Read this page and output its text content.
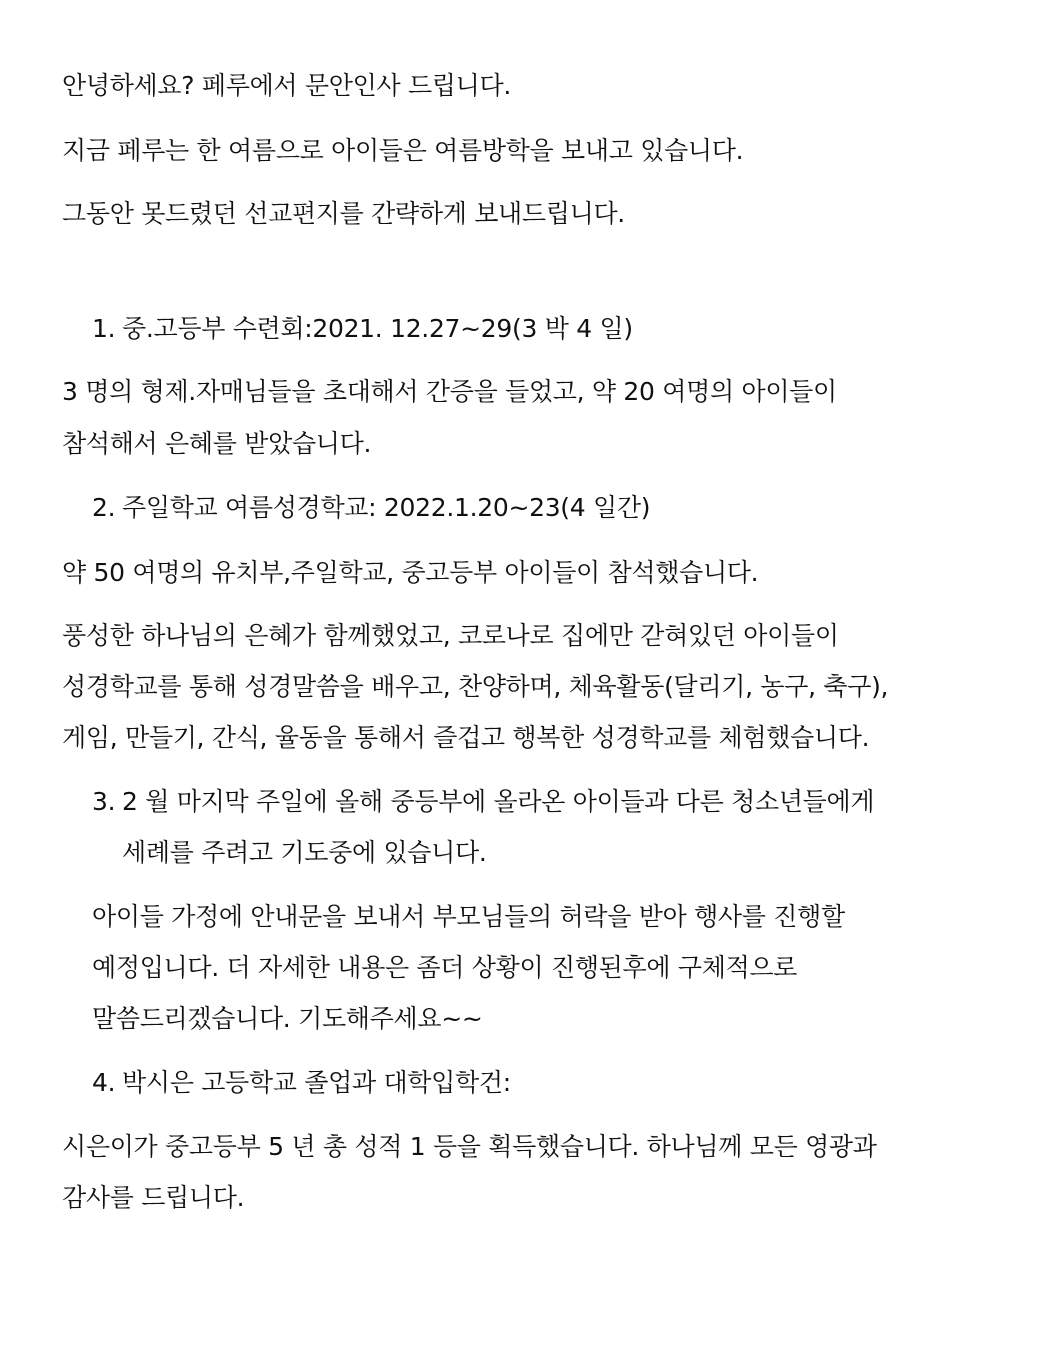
안녕하세요? 페루에서 문안인사 드립니다.
지금 페루는 한 여름으로 아이들은 여름방학을 보내고 있습니다.
그동안 못드렸던 선교편지를 간략하게 보내드립니다.
1. 중.고등부 수련회:2021. 12.27~29(3 박 4 일)
3 명의 형제.자매님들을 초대해서 간증을 들었고, 약 20 여명의 아이들이
참석해서 은혜를 받았습니다.
2. 주일학교 여름성경학교: 2022.1.20~23(4 일간)
약 50 여명의 유치부,주일학교, 중고등부 아이들이 참석했습니다.
풍성한 하나님의 은혜가 함께했었고, 코로나로 집에만 갇혀있던 아이들이
성경학교를 통해 성경말씀을 배우고, 찬양하며, 체육활동(달리기, 농구, 축구),
게임, 만들기, 간식, 율동을 통해서 즐겁고 행복한 성경학교를 체험했습니다.
3. 2 월 마지막 주일에 올해 중등부에 올라온 아이들과 다른 청소년들에게
세례를 주려고 기도중에 있습니다.
아이들 가정에 안내문을 보내서 부모님들의 허락을 받아 행사를 진행할
예정입니다. 더 자세한 내용은 좀더 상황이 진행된후에 구체적으로
말씀드리겠습니다. 기도해주세요~~
4. 박시은 고등학교 졸업과 대학입학건:
시은이가 중고등부 5 년 총 성적 1 등을 획득했습니다. 하나님께 모든 영광과
감사를 드립니다.
